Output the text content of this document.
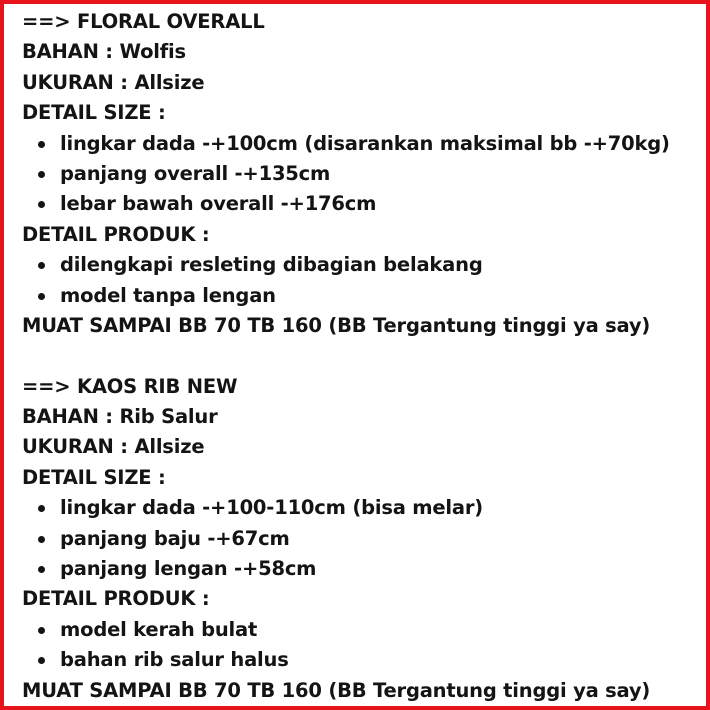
==> FLORAL OVERALL
BAHAN : Wolfis
UKURAN : Allsize
DETAIL SIZE :
lingkar dada -+100cm (disarankan maksimal bb -+70kg)
panjang overall -+135cm
lebar bawah overall -+176cm
DETAIL PRODUK :
dilengkapi resleting dibagian belakang
model tanpa lengan
MUAT SAMPAI BB 70 TB 160 (BB Tergantung tinggi ya say)
==> KAOS RIB NEW
BAHAN : Rib Salur
UKURAN : Allsize
DETAIL SIZE :
lingkar dada -+100-110cm (bisa melar)
panjang baju -+67cm
panjang lengan -+58cm
DETAIL PRODUK :
model kerah bulat
bahan rib salur halus
MUAT SAMPAI BB 70 TB 160 (BB Tergantung tinggi ya say)
